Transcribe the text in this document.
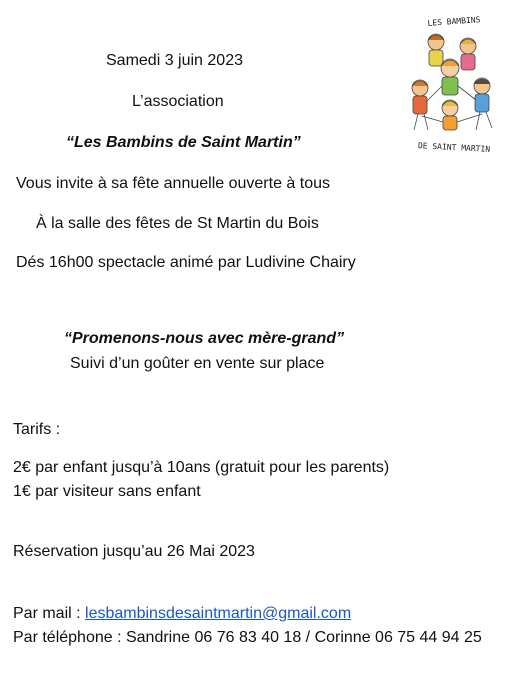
Samedi 3 juin 2023
L’association
“Les Bambins de Saint Martin”
LES BAMBINS
DE SAINT MARTIN
Vous invite à sa fête annuelle ouverte à tous
À la salle des fêtes de St Martin du Bois
Dés 16h00 spectacle animé par Ludivine Chairy
“Promenons-nous avec mère-grand”
Suivi d’un goûter en vente sur place
Tarifs :
2€ par enfant jusqu’à 10ans (gratuit pour les parents)
1€ par visiteur sans enfant
Réservation jusqu’au 26 Mai 2023
Par mail : lesbambinsdesaintmartin@gmail.com
Par téléphone : Sandrine 06 76 83 40 18 / Corinne 06 75 44 94 25
